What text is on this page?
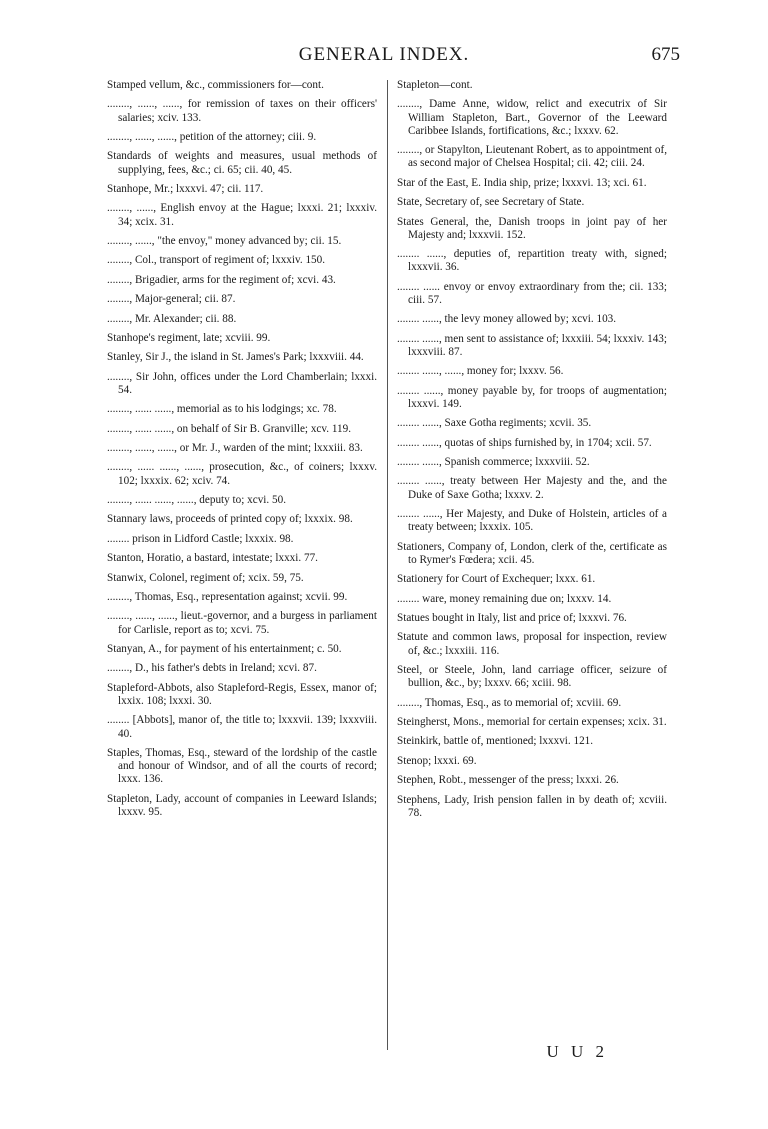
GENERAL INDEX.	675

Stamped vellum, &c., commissioners for—cont.

........, ......, ......, for remission of taxes on their officers' salaries; xciv. 133.

........, ......, ......, petition of the attorney; ciii. 9.

Standards of weights and measures, usual methods of supplying, fees, &c.; ci. 65; cii. 40, 45.

Stanhope, Mr.; lxxxvi. 47; cii. 117.

........, ......, English envoy at the Hague; lxxxi. 21; lxxxiv. 34; xcix. 31.

........, ......, "the envoy," money advanced by; cii. 15.

........, Col., transport of regiment of; lxxxiv. 150.

........, Brigadier, arms for the regiment of; xcvi. 43.

........, Major-general; cii. 87.

........, Mr. Alexander; cii. 88.

Stanhope's regiment, late; xcviii. 99.

Stanley, Sir J., the island in St. James's Park; lxxxviii. 44.

........, Sir John, offices under the Lord Chamberlain; lxxxi. 54.

........, ...... ......, memorial as to his lodgings; xc. 78.

........, ...... ......, on behalf of Sir B. Granville; xcv. 119.

........, ......, ......, or Mr. J., warden of the mint; lxxxiii. 83.

........, ...... ......, ......, prosecution, &c., of coiners; lxxxv. 102; lxxxix. 62; xciv. 74.

........, ...... ......, ......, deputy to; xcvi. 50.

Stannary laws, proceeds of printed copy of; lxxxix. 98.

........ prison in Lidford Castle; lxxxix. 98.

Stanton, Horatio, a bastard, intestate; lxxxi. 77.

Stanwix, Colonel, regiment of; xcix. 59, 75.

........, Thomas, Esq., representation against; xcvii. 99.

........, ......, ......, lieut.-governor, and a burgess in parliament for Carlisle, report as to; xcvi. 75.

Stanyan, A., for payment of his entertainment; c. 50.

........, D., his father's debts in Ireland; xcvi. 87.

Stapleford-Abbots, also Stapleford-Regis, Essex, manor of; lxxix. 108; lxxxi. 30.

........ [Abbots], manor of, the title to; lxxxvii. 139; lxxxviii. 40.

Staples, Thomas, Esq., steward of the lordship of the castle and honour of Windsor, and of all the courts of record; lxxx. 136.

Stapleton, Lady, account of companies in Leeward Islands; lxxxv. 95.

Stapleton—cont.

........, Dame Anne, widow, relict and executrix of Sir William Stapleton, Bart., Governor of the Leeward Caribbee Islands, fortifications, &c.; lxxxv. 62.

........, or Stapylton, Lieutenant Robert, as to appointment of, as second major of Chelsea Hospital; cii. 42; ciii. 24.

Star of the East, E. India ship, prize; lxxxvi. 13; xci. 61.

State, Secretary of, see Secretary of State.

States General, the, Danish troops in joint pay of her Majesty and; lxxxvii. 152.

........ ......, deputies of, repartition treaty with, signed; lxxxvii. 36.

........ ...... envoy or envoy extraordinary from the; cii. 133; ciii. 57.

........ ......, the levy money allowed by; xcvi. 103.

........ ......, men sent to assistance of; lxxxiii. 54; lxxxiv. 143; lxxxviii. 87.

........ ......, ......, money for; lxxxv. 56.

........ ......, money payable by, for troops of augmentation; lxxxvi. 149.

........ ......, Saxe Gotha regiments; xcvii. 35.

........ ......, quotas of ships furnished by, in 1704; xcii. 57.

........ ......, Spanish commerce; lxxxviii. 52.

........ ......, treaty between Her Majesty and the, and the Duke of Saxe Gotha; lxxxv. 2.

........ ......, Her Majesty, and Duke of Holstein, articles of a treaty between; lxxxix. 105.

Stationers, Company of, London, clerk of the, certificate as to Rymer's Fœdera; xcii. 45.

Stationery for Court of Exchequer; lxxx. 61.

........ ware, money remaining due on; lxxxv. 14.

Statues bought in Italy, list and price of; lxxxvi. 76.

Statute and common laws, proposal for inspection, review of, &c.; lxxxiii. 116.

Steel, or Steele, John, land carriage officer, seizure of bullion, &c., by; lxxxv. 66; xciii. 98.

........, Thomas, Esq., as to memorial of; xcviii. 69.

Steingherst, Mons., memorial for certain expenses; xcix. 31.

Steinkirk, battle of, mentioned; lxxxvi. 121.

Stenop; lxxxi. 69.

Stephen, Robt., messenger of the press; lxxxi. 26.

Stephens, Lady, Irish pension fallen in by death of; xcviii. 78.

U U 2
